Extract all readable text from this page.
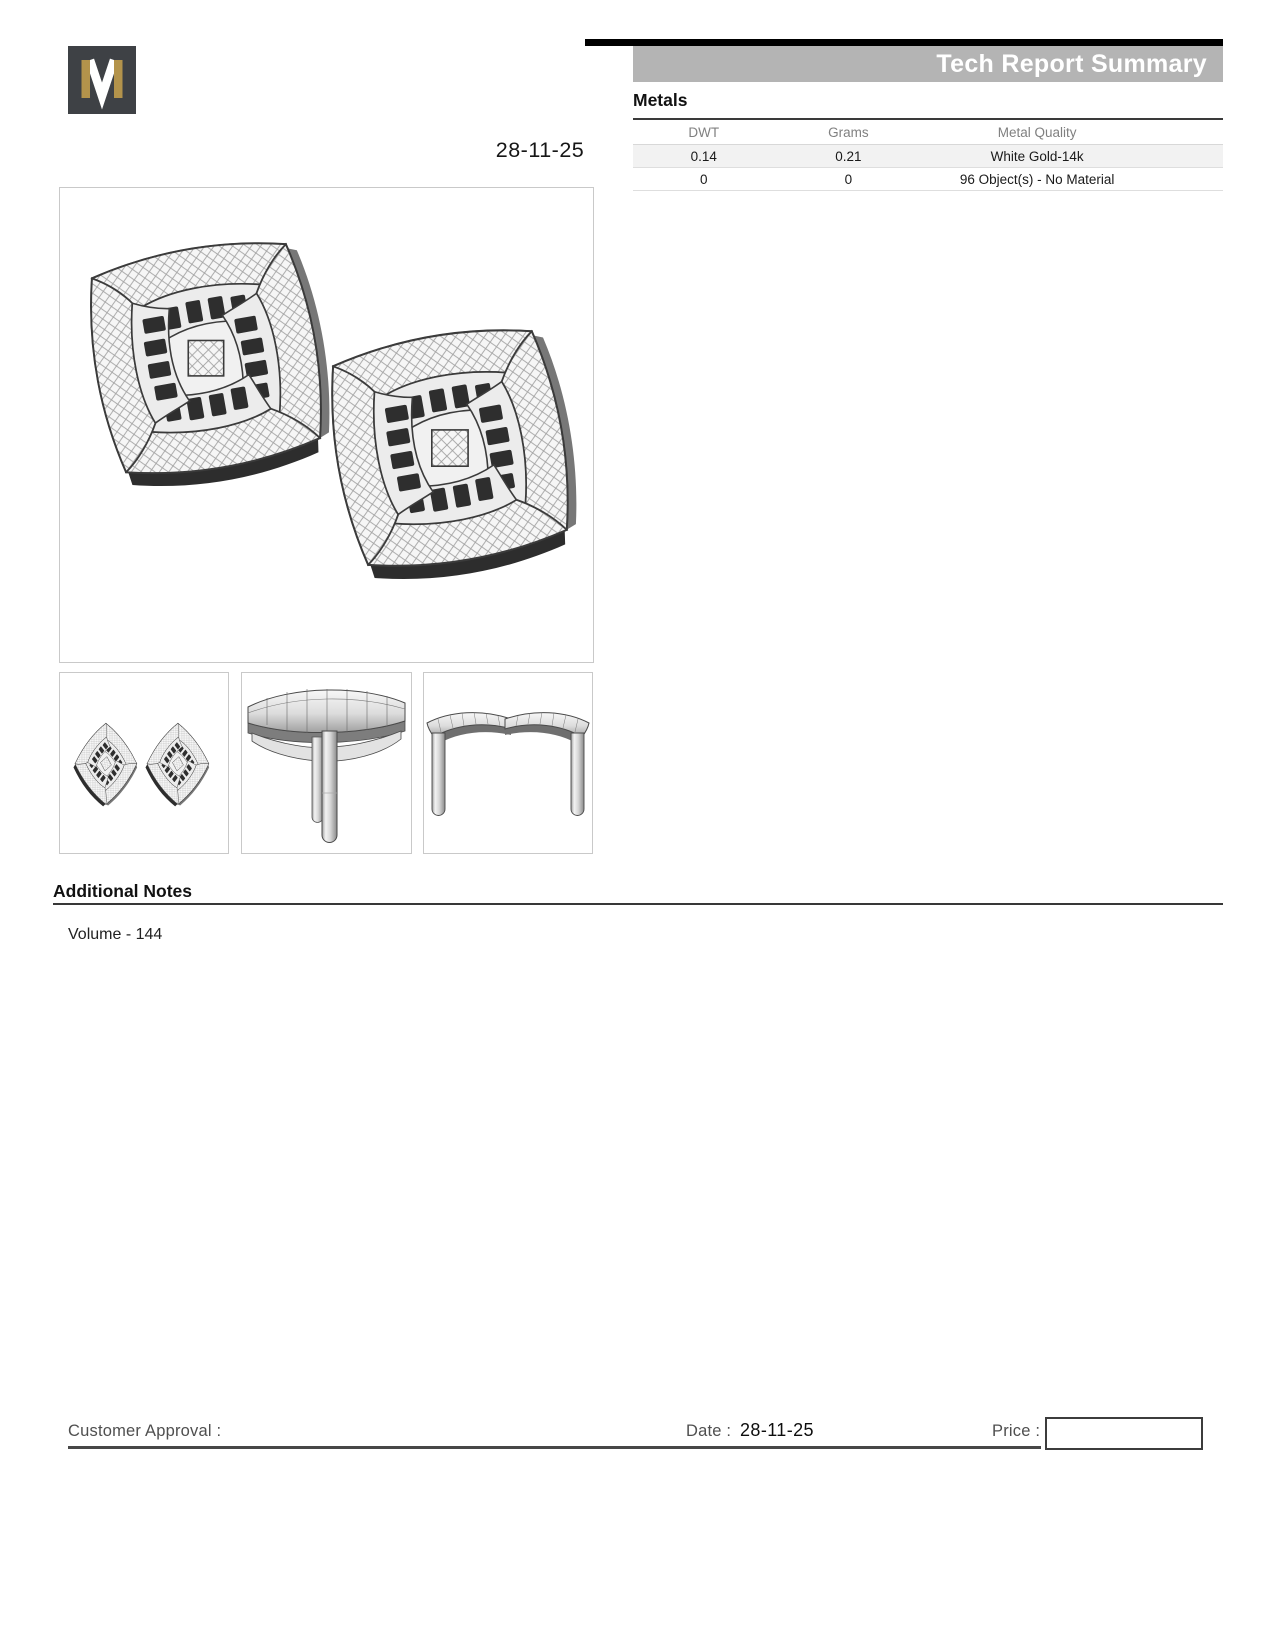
Tech Report Summary
Metals
DWT	Grams	Metal Quality
0.14	0.21	White Gold-14k
0	0	96 Object(s) - No Material
28-11-25
Additional Notes
Volume - 144
Customer Approval :	Date : 28-11-25	Price :
